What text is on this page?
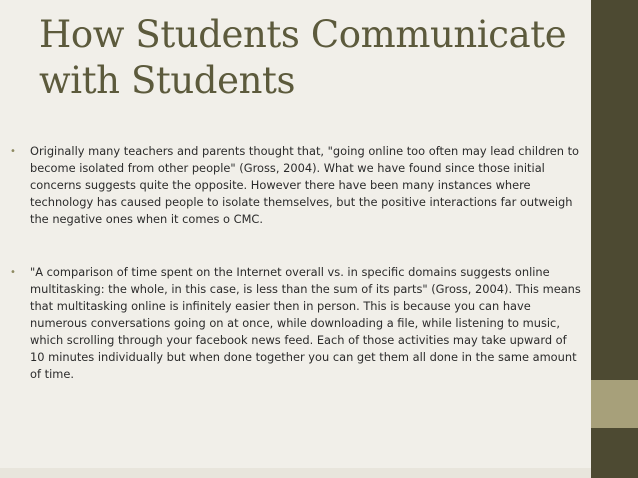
How Students Communicate with Students
• Originally many teachers and parents thought that, "going online too often may lead children to become isolated from other people" (Gross, 2004). What we have found since those initial concerns suggests quite the opposite. However there have been many instances where technology has caused people to isolate themselves, but the positive interactions far outweigh the negative ones when it comes o CMC.
• "A comparison of time spent on the Internet overall vs. in specific domains suggests online multitasking: the whole, in this case, is less than the sum of its parts" (Gross, 2004). This means that multitasking online is infinitely easier then in person. This is because you can have numerous conversations going on at once, while downloading a file, while listening to music, which scrolling through your facebook news feed. Each of those activities may take upward of 10 minutes individually but when done together you can get them all done in the same amount of time.
